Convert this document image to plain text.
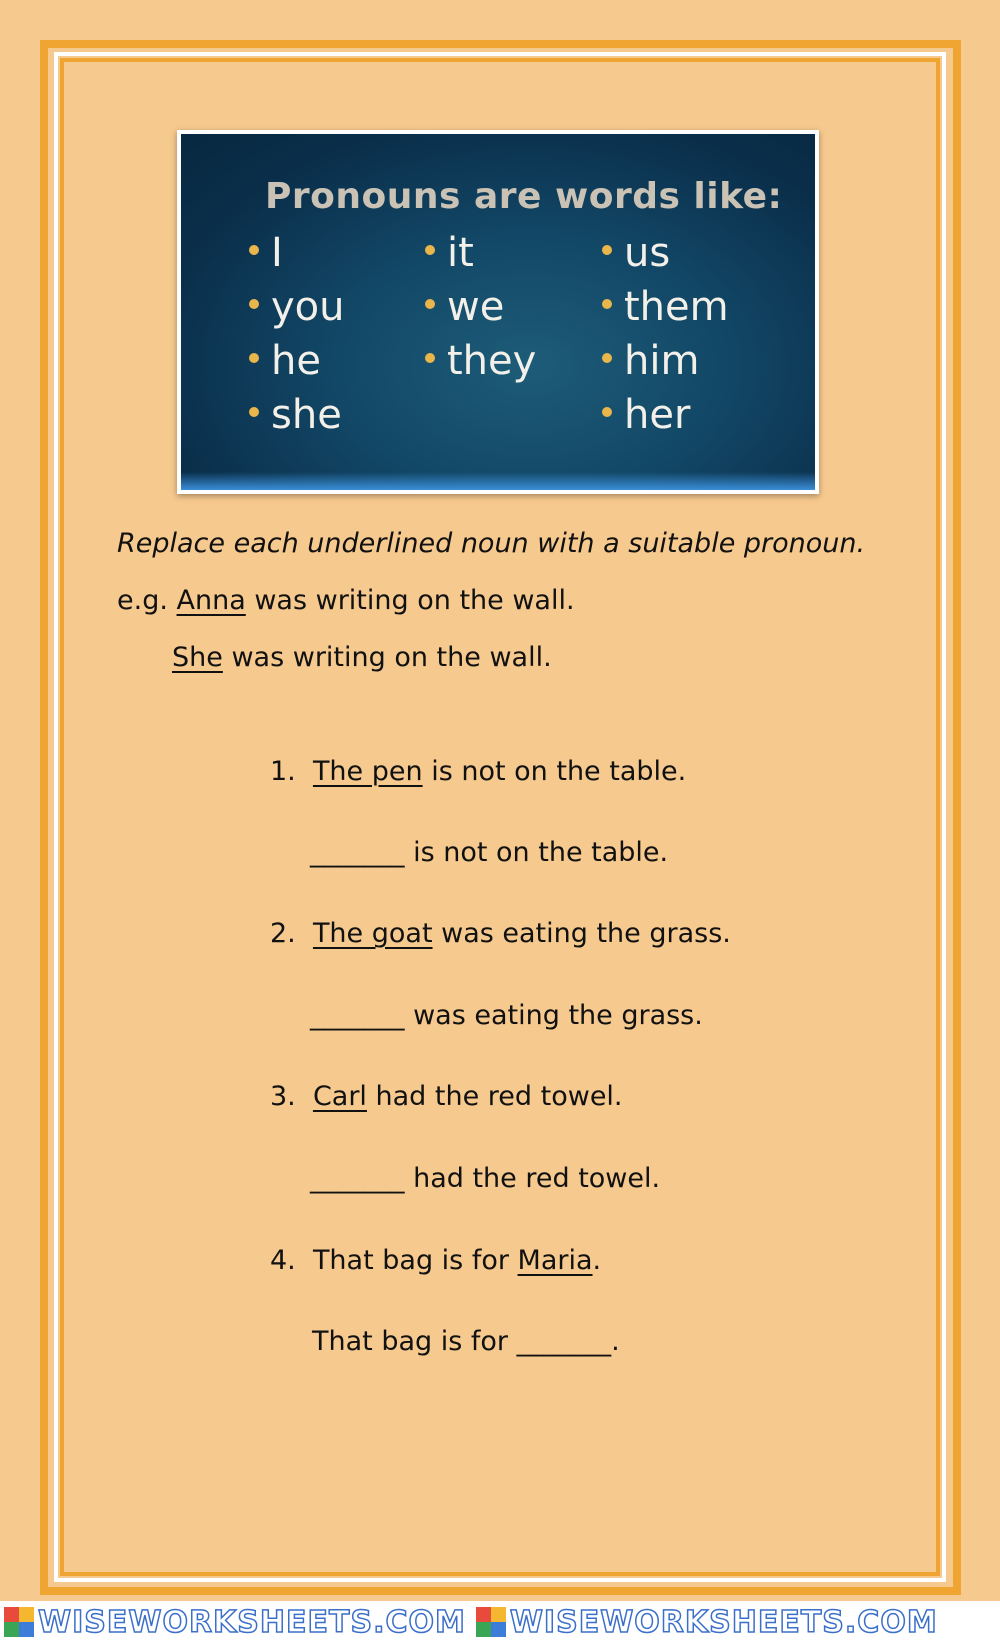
Pronouns are words like:
I
you
he
she
it
we
they
us
them
him
her
Replace each underlined noun with a suitable pronoun.
e.g. Anna was writing on the wall.
She was writing on the wall.
1. The pen is not on the table.
_______ is not on the table.
2. The goat was eating the grass.
_______ was eating the grass.
3. Carl had the red towel.
_______ had the red towel.
4. That bag is for Maria.
That bag is for _______.
WISEWORKSHEETS.COM WISEWORKSHEETS.COM
